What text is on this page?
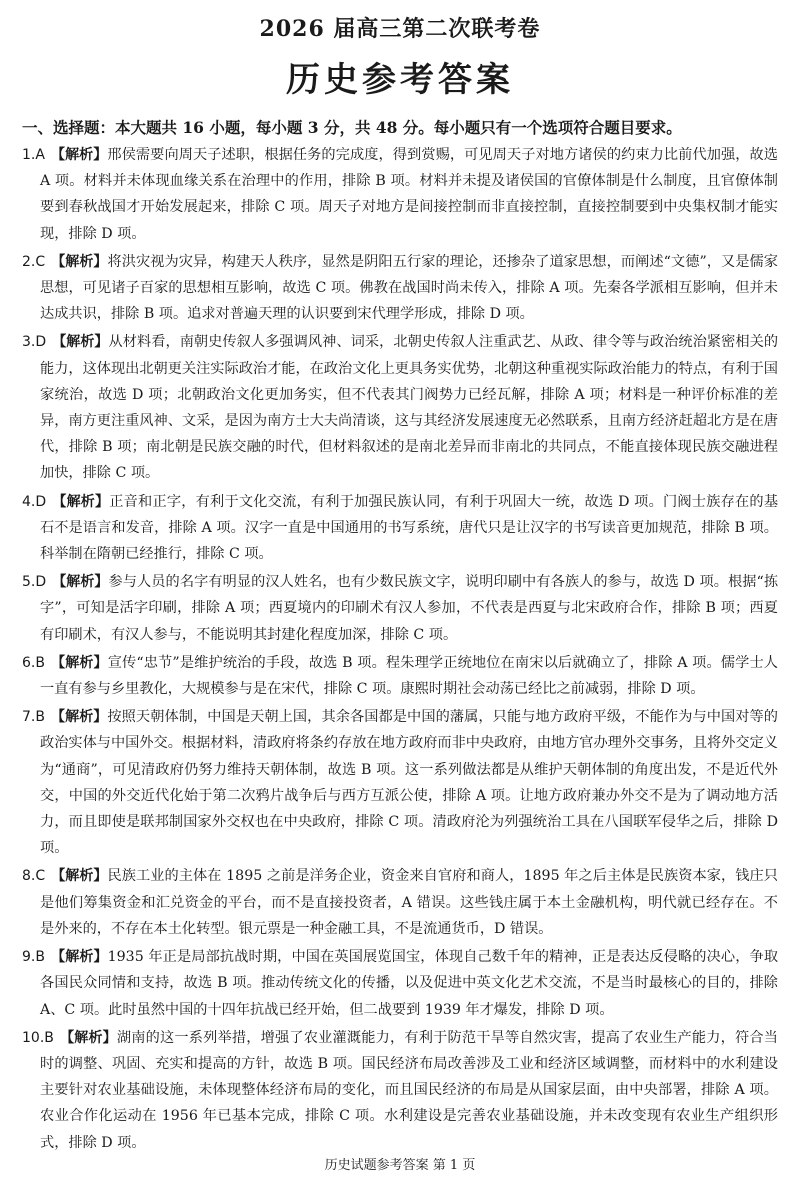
2026 届高三第二次联考卷
历史参考答案
一、选择题：本大题共 16 小题，每小题 3 分，共 48 分。每小题只有一个选项符合题目要求。

1.A 【解析】邢侯需要向周天子述职，根据任务的完成度，得到赏赐，可见周天子对地方诸侯的约束力比前代加强，故选 A 项。材料并未体现血缘关系在治理中的作用，排除 B 项。材料并未提及诸侯国的官僚体制是什么制度，且官僚体制要到春秋战国才开始发展起来，排除 C 项。周天子对地方是间接控制而非直接控制，直接控制要到中央集权制才能实现，排除 D 项。

2.C 【解析】将洪灾视为灾异，构建天人秩序，显然是阴阳五行家的理论，还掺杂了道家思想，而阐述“文德”，又是儒家思想，可见诸子百家的思想相互影响，故选 C 项。佛教在战国时尚未传入，排除 A 项。先秦各学派相互影响，但并未达成共识，排除 B 项。追求对普遍天理的认识要到宋代理学形成，排除 D 项。

3.D 【解析】从材料看，南朝史传叙人多强调风神、词采，北朝史传叙人注重武艺、从政、律令等与政治统治紧密相关的能力，这体现出北朝更关注实际政治才能，在政治文化上更具务实优势，北朝这种重视实际政治能力的特点，有利于国家统治，故选 D 项；北朝政治文化更加务实，但不代表其门阀势力已经瓦解，排除 A 项；材料是一种评价标准的差异，南方更注重风神、文采，是因为南方士大夫尚清谈，这与其经济发展速度无必然联系，且南方经济赶超北方是在唐代，排除 B 项；南北朝是民族交融的时代，但材料叙述的是南北差异而非南北的共同点，不能直接体现民族交融进程加快，排除 C 项。

4.D 【解析】正音和正字，有利于文化交流，有利于加强民族认同，有利于巩固大一统，故选 D 项。门阀士族存在的基石不是语言和发音，排除 A 项。汉字一直是中国通用的书写系统，唐代只是让汉字的书写读音更加规范，排除 B 项。科举制在隋朝已经推行，排除 C 项。

5.D 【解析】参与人员的名字有明显的汉人姓名，也有少数民族文字，说明印刷中有各族人的参与，故选 D 项。根据“拣字”，可知是活字印刷，排除 A 项；西夏境内的印刷术有汉人参加，不代表是西夏与北宋政府合作，排除 B 项；西夏有印刷术，有汉人参与，不能说明其封建化程度加深，排除 C 项。

6.B 【解析】宣传“忠节”是维护统治的手段，故选 B 项。程朱理学正统地位在南宋以后就确立了，排除 A 项。儒学士人一直有参与乡里教化，大规模参与是在宋代，排除 C 项。康熙时期社会动荡已经比之前减弱，排除 D 项。

7.B 【解析】按照天朝体制，中国是天朝上国，其余各国都是中国的藩属，只能与地方政府平级，不能作为与中国对等的政治实体与中国外交。根据材料，清政府将条约存放在地方政府而非中央政府，由地方官办理外交事务，且将外交定义为“通商”，可见清政府仍努力维持天朝体制，故选 B 项。这一系列做法都是从维护天朝体制的角度出发，不是近代外交，中国的外交近代化始于第二次鸦片战争后与西方互派公使，排除 A 项。让地方政府兼办外交不是为了调动地方活力，而且即使是联邦制国家外交权也在中央政府，排除 C 项。清政府沦为列强统治工具在八国联军侵华之后，排除 D 项。

8.C 【解析】民族工业的主体在 1895 之前是洋务企业，资金来自官府和商人，1895 年之后主体是民族资本家，钱庄只是他们筹集资金和汇兑资金的平台，而不是直接投资者，A 错误。这些钱庄属于本土金融机构，明代就已经存在。不是外来的，不存在本土化转型。银元票是一种金融工具，不是流通货币，D 错误。

9.B 【解析】1935 年正是局部抗战时期，中国在英国展览国宝，体现自己数千年的精神，正是表达反侵略的决心，争取各国民众同情和支持，故选 B 项。推动传统文化的传播，以及促进中英文化艺术交流，不是当时最核心的目的，排除 A、C 项。此时虽然中国的十四年抗战已经开始，但二战要到 1939 年才爆发，排除 D 项。

10.B 【解析】湖南的这一系列举措，增强了农业灌溉能力，有利于防范干旱等自然灾害，提高了农业生产能力，符合当时的调整、巩固、充实和提高的方针，故选 B 项。国民经济布局改善涉及工业和经济区域调整，而材料中的水利建设主要针对农业基础设施，未体现整体经济布局的变化，而且国民经济的布局是从国家层面，由中央部署，排除 A 项。农业合作化运动在 1956 年已基本完成，排除 C 项。水利建设是完善农业基础设施，并未改变现有农业生产组织形式，排除 D 项。

历史试题参考答案 第 1 页
